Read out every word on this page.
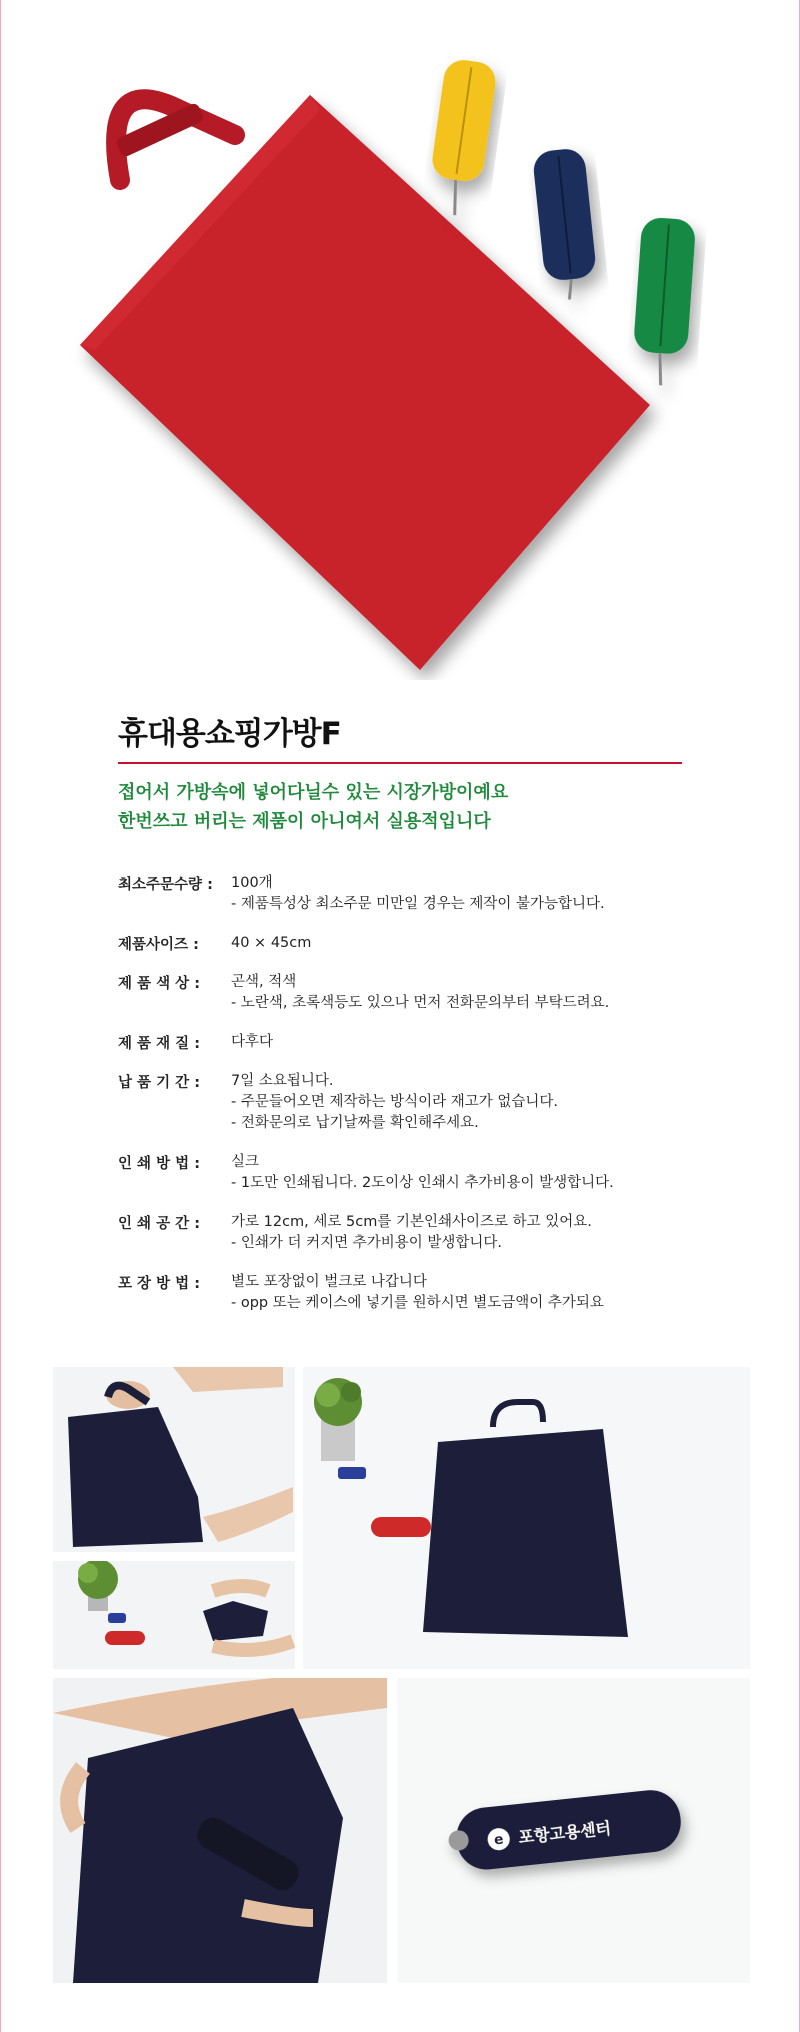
휴대용쇼핑가방F
접어서 가방속에 넣어다닐수 있는 시장가방이예요
한번쓰고 버리는 제품이 아니여서 실용적입니다
최소주문수량 :	100개
- 제품특성상 최소주문 미만일 경우는 제작이 불가능합니다.
제품사이즈 :	40 × 45cm
제 품 색 상 :	곤색, 적색
- 노란색, 초록색등도 있으나 먼저 전화문의부터 부탁드려요.
제 품 재 질 :	다후다
납 품 기 간 :	7일 소요됩니다.
- 주문들어오면 제작하는 방식이라 재고가 없습니다.
- 전화문의로 납기날짜를 확인해주세요.
인 쇄 방 법 :	실크
- 1도만 인쇄됩니다. 2도이상 인쇄시 추가비용이 발생합니다.
인 쇄 공 간 :	가로 12cm, 세로 5cm를 기본인쇄사이즈로 하고 있어요.
- 인쇄가 더 커지면 추가비용이 발생합니다.
포 장 방 법 :	별도 포장없이 벌크로 나갑니다
- opp 또는 케이스에 넣기를 원하시면 별도금액이 추가되요
e 포항고용센터
